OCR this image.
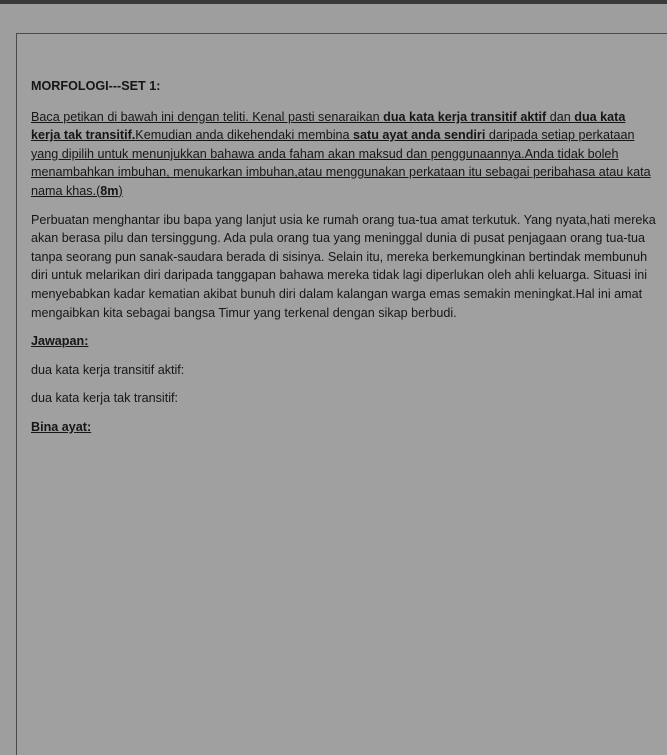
MORFOLOGI---SET 1:
Baca petikan di bawah ini dengan teliti. Kenal pasti senaraikan dua kata kerja transitif aktif dan dua kata kerja tak transitif.Kemudian anda dikehendaki membina satu ayat anda sendiri daripada setiap perkataan yang dipilih untuk menunjukkan bahawa anda faham akan maksud dan penggunaannya.Anda tidak boleh menambahkan imbuhan, menukarkan imbuhan,atau menggunakan perkataan itu sebagai peribahasa atau kata nama khas.(8m)
Perbuatan menghantar ibu bapa yang lanjut usia ke rumah orang tua-tua amat terkutuk. Yang nyata,hati mereka akan berasa pilu dan tersinggung. Ada pula orang tua yang meninggal dunia di pusat penjagaan orang tua-tua tanpa seorang pun sanak-saudara berada di sisinya. Selain itu, mereka berkemungkinan bertindak membunuh diri untuk melarikan diri daripada tanggapan bahawa mereka tidak lagi diperlukan oleh ahli keluarga. Situasi ini menyebabkan kadar kematian akibat bunuh diri dalam kalangan warga emas semakin meningkat.Hal ini amat mengaibkan kita sebagai bangsa Timur yang terkenal dengan sikap berbudi.
Jawapan:
dua kata kerja transitif aktif:
dua kata kerja tak transitif:
Bina ayat:
